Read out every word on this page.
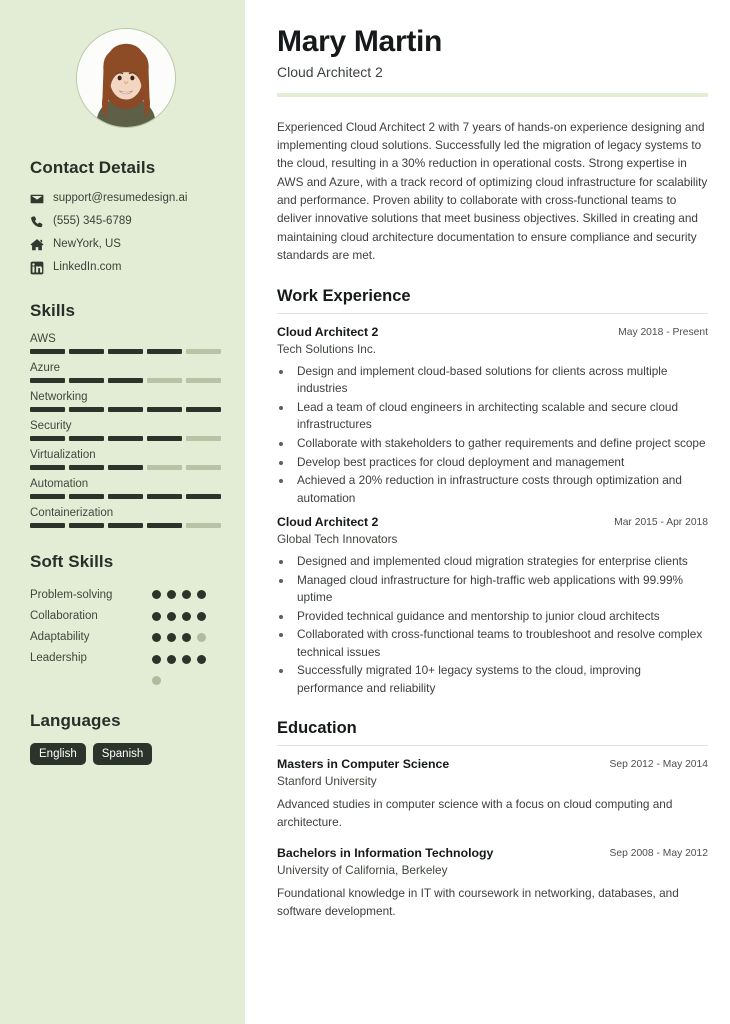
Contact Details
support@resumedesign.ai
(555) 345-6789
NewYork, US
LinkedIn.com
Skills
AWS
Azure
Networking
Security
Virtualization
Automation
Containerization
Soft Skills
Problem-solving
Collaboration
Adaptability
Leadership
Languages
English	Spanish
Mary Martin
Cloud Architect 2

Experienced Cloud Architect 2 with 7 years of hands-on experience designing and implementing cloud solutions. Successfully led the migration of legacy systems to the cloud, resulting in a 30% reduction in operational costs. Strong expertise in AWS and Azure, with a track record of optimizing cloud infrastructure for scalability and performance. Proven ability to collaborate with cross-functional teams to deliver innovative solutions that meet business objectives. Skilled in creating and maintaining cloud architecture documentation to ensure compliance and security standards are met.

Work Experience
Cloud Architect 2	May 2018 - Present
Tech Solutions Inc.
• Design and implement cloud-based solutions for clients across multiple industries
• Lead a team of cloud engineers in architecting scalable and secure cloud infrastructures
• Collaborate with stakeholders to gather requirements and define project scope
• Develop best practices for cloud deployment and management
• Achieved a 20% reduction in infrastructure costs through optimization and automation
Cloud Architect 2	Mar 2015 - Apr 2018
Global Tech Innovators
• Designed and implemented cloud migration strategies for enterprise clients
• Managed cloud infrastructure for high-traffic web applications with 99.99% uptime
• Provided technical guidance and mentorship to junior cloud architects
• Collaborated with cross-functional teams to troubleshoot and resolve complex technical issues
• Successfully migrated 10+ legacy systems to the cloud, improving performance and reliability
Education
Masters in Computer Science	Sep 2012 - May 2014
Stanford University
Advanced studies in computer science with a focus on cloud computing and architecture.
Bachelors in Information Technology	Sep 2008 - May 2012
University of California, Berkeley
Foundational knowledge in IT with coursework in networking, databases, and software development.
